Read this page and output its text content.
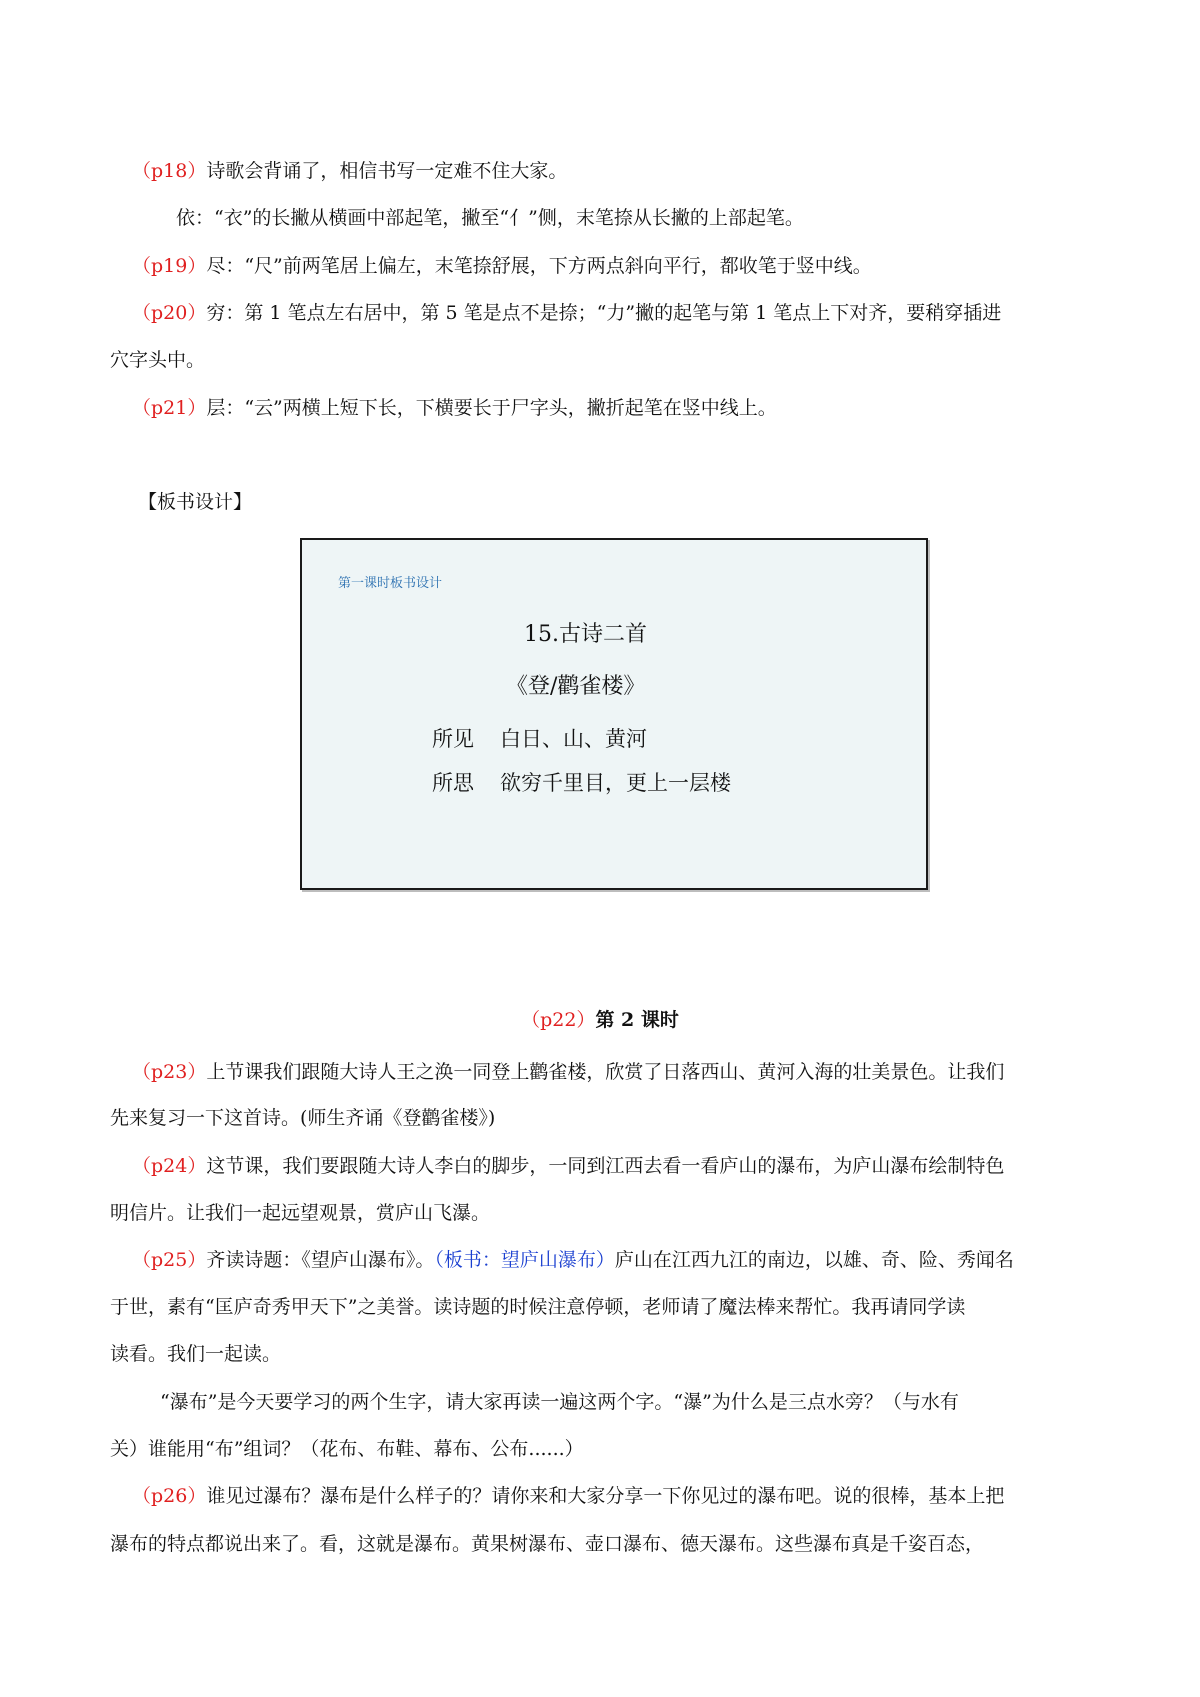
（p18）诗歌会背诵了，相信书写一定难不住大家。
依：“衣”的长撇从横画中部起笔，撇至“亻”侧，末笔捺从长撇的上部起笔。
（p19）尽：“尺”前两笔居上偏左，末笔捺舒展，下方两点斜向平行，都收笔于竖中线。
（p20）穷：第 1 笔点左右居中，第 5 笔是点不是捺；“力”撇的起笔与第 1 笔点上下对齐，要稍穿插进
穴字头中。
（p21）层：“云”两横上短下长，下横要长于尸字头，撇折起笔在竖中线上。
【板书设计】
第一课时板书设计
15.古诗二首
《登/鹳雀楼》
所见 白日、山、黄河
所思 欲穷千里目，更上一层楼
（p22）第 2 课时
（p23）上节课我们跟随大诗人王之涣一同登上鹳雀楼，欣赏了日落西山、黄河入海的壮美景色。让我们
先来复习一下这首诗。(师生齐诵《登鹳雀楼》)
（p24）这节课，我们要跟随大诗人李白的脚步，一同到江西去看一看庐山的瀑布，为庐山瀑布绘制特色
明信片。让我们一起远望观景，赏庐山飞瀑。
（p25）齐读诗题：《望庐山瀑布》。（板书：望庐山瀑布）庐山在江西九江的南边，以雄、奇、险、秀闻名
于世，素有“匡庐奇秀甲天下”之美誉。读诗题的时候注意停顿，老师请了魔法棒来帮忙。我再请同学读
读看。我们一起读。
“瀑布”是今天要学习的两个生字，请大家再读一遍这两个字。“瀑”为什么是三点水旁？（与水有
关）谁能用“布”组词？（花布、布鞋、幕布、公布......）
（p26）谁见过瀑布？瀑布是什么样子的？请你来和大家分享一下你见过的瀑布吧。说的很棒，基本上把
瀑布的特点都说出来了。看，这就是瀑布。黄果树瀑布、壶口瀑布、德天瀑布。这些瀑布真是千姿百态，
